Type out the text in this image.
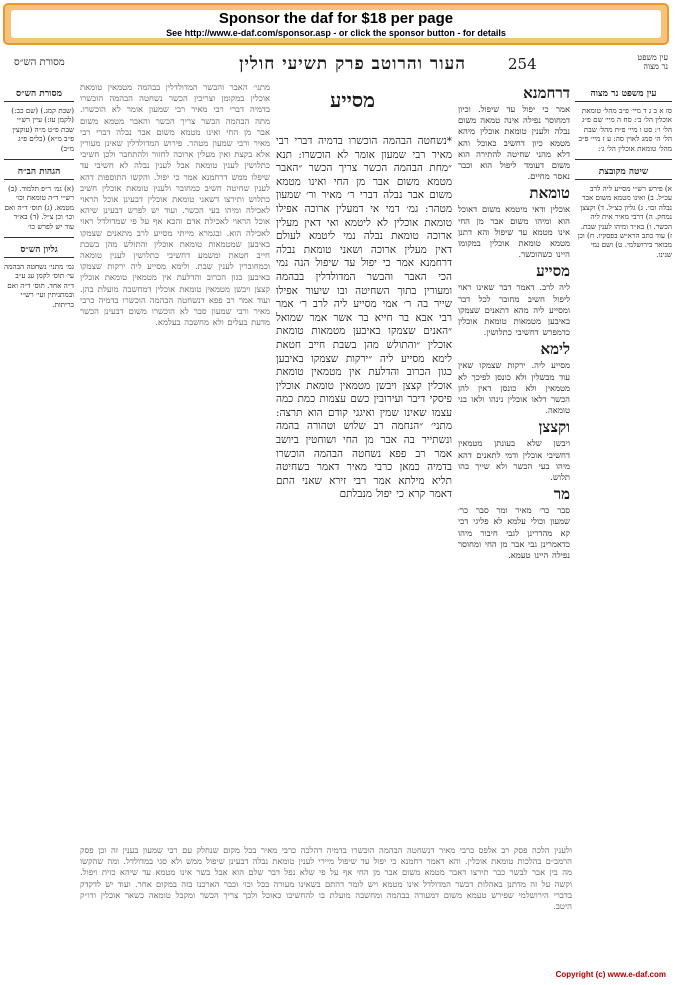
Sponsor the daf for $18 per page
See http://www.e-daf.com/sponsor.asp - or click the sponsor button - for details
מסורת הש״ס	254
העור והרוטב פרק תשיעי חולין	עין משפט
נר מצוה
מסורת הש״ס
(שבת קמג.) (שם כב:) (לקמן עז:) עיין רש״י שבת פ״ט מ״ה (עוקצין פ״ב מ״א) (כלים פ״ג מ״ב)
הגהות הב״ח
(א) גמ׳ ר״פ תלמוד. (ב) רש״י ד״ה טומאת וכו׳ מטמא. (ג) תוס׳ ד״ה ואם וכו׳ וכן צ״ל. (ד) בא״ד עוד יש לפרש כו׳
גליון הש״ס
גמ׳ מתני׳ נשחטה הבהמה עי׳ תוס׳ לקמן עג ע״ב ד״ה אחד. תוס׳ ד״ה ואם ובמתניתין ועי׳ רש״י כריתות.
מתני׳ האבר והבשר המדולדלין בבהמה מטמאין טומאת אוכלין במקומן וצריכין הכשר נשחטה הבהמה הוכשרו בדמיה דברי רבי מאיר רבי שמעון אומר לא הוכשרו. מתה הבהמה הבשר צריך הכשר והאבר מטמא משום אבר מן החי ואינו מטמא משום אבר נבלה דברי רבי מאיר ורבי שמעון מטהר. פירוש המדולדלין שאינן מעורין אלא בקצת ואין מעלין ארוכה לחזור ולהתחבר ולכן חשיבי כתלושין לענין טומאה אבל לענין נבלה לא חשיבי עד שיפלו ממש דרחמנא אמר כי יפול. והקשו התוספות דהא לענין שחיטה חשיב כמחובר ולענין טומאת אוכלין חשיב כתלוש ותירצו דשאני טומאת אוכלין דבעינן אוכל הראוי לאכילה ומיהו בעי הכשר. ועוד יש לפרש דבעינן שיהא אוכל הראוי לאכילת אדם והכא אף על פי שמדולדל ראוי לאכילה הוא. ובגמרא מייתי מסייע לרב מתאנים שצמקו באיבען שמטמאות טומאת אוכלין והתולש מהן בשבת חייב חטאת ומשמע דחשיבי כתלושין לענין טומאה וכמחוברין לענין שבת. ולימא מסייע ליה ירקות שצמקו באיבען כגון הכרוב והדלעת אין מטמאין טומאת אוכלין קצצן ויבשן מטמאין טומאת אוכלין דמחשבה מועלת בהן. ועוד אמר רב פפא דנשחטה הבהמה הוכשרו בדמיה כרבי מאיר ורבי שמעון סבר לא הוכשרו משום דבעינן הכשר מדעת בעלים ולא מחשבה בעלמא.
מסייע
*נשחטה הבהמה הוכשרו בדמיה דברי רבי מאיר רבי שמעון אומר לא הוכשרו: תנא ״מחת הבהמה הכשר צריך הכשר ״האבר מטמא משום אבר מן החי ואינו מטמא משום אבר נבלה דברי ר׳ מאיר ור׳ שמעון מטהר: גמ׳ דמי אי דמעלין ארוכה אפילו טומאת אוכלין לא ליטמא ואי דאין מעלין ארוכה טומאת נבלה נמי ליטמא לעולם דאין מעלין ארוכה ושאני טומאת נבלה דרחמנא אמר כי יפול עד שיפול הנה נמי הכי האבר והבשר המדולדלין בבהמה ומעורין בתוך השחיטה ובו שיעור אפילו שייר בה ר׳ אמי מסייע ליה לרב ר׳ אמר רבי אבא בר חייא בר אשר אמר שמואל ״האנים שצמקו באיבען מטמאות טומאת אוכלין ״והתולש מהן בשבת חייב חטאת לימא מסייע ליה ״ירקות שצמקו באיבען כגון הכרוב והדלעת אין מטמאין טומאת אוכלין קצצן ויבשן מטמאין טומאת אוכלין פיסקי דיבר ועירובין כשם עצמות כמת כמה עצמו שאינו שמין ואיגגי קודם הוא תרצה: מתני׳ ״הנחמה רב שלוש וטהורה בהמה ונשתייר בה אבר מן החי ושוחטין ביושב אמר רב פפא נשחטה הבהמה הוכשרו בדמיה כמאן כרבי מאיר דאמר בשחיטה תליא מילתא אמר רבי זירא שאני התם דאמר קרא כי יפול מנבלתם
דרחמנא
אמר כי יפול עד שיפול. וכיון דמחוסר נפילה אינה טמאה משום נבלה ולענין טומאת אוכלין מיהא מטמא כיון דחשיב כאוכל והא דלא מהני שחיטה להתירה הוא משום דעומד ליפול הוא וכבר נאסר מחיים.
טומאת
אוכלין ודאי מיטמא משום דאוכל הוא ומיהו משום אבר מן החי אינו מטמא עד שיפול והא דתנן מטמא טומאת אוכלין במקומו היינו כשהוכשר.
מסייע
ליה לרב. דאמר דבר שאינו ראוי ליפול חשיב מחובר לכל דבר ומסייע ליה מהא דתאנים שצמקו באיבען מטמאות טומאת אוכלין כדמפרש דחשיבי כתלושין.
לימא
מסייע ליה. ירקות שצמקו שאין עוד מבשלין ולא כונסן לפיכך לא מטמאין ולא כונסן דאין להן הכשר דלאו אוכלין נינהו ולאו בני טומאה.
וקצצן
ויבשן שלא בעונתן מטמאין דחשיבי אוכלין ודמי לתאנים דהא מיהו בעי הכשר ולא שייך בהו תלוש.
מר
סבר כר׳ מאיר ומר סבר כר׳ שמעון וכולי עלמא לא פליגי דכי קא מהדרינן לגבי חיבור מיהו כדאמרינן גבי אבר מן החי ומחוסר נפילה היינו טעמא.
עין משפט נר מצוה
סז א ב ג ד מיי׳ פ״ב מהל׳ טומאת אוכלין הל׳ ב׳: סח ה מיי׳ שם פ״ג הל׳ ו׳: סט ו מיי׳ פ״ח מהל׳ שבת הל׳ ה׳ סמג לאוין סה: ע ז מיי׳ פ״ב מהל׳ טומאת אוכלין הל׳ ג׳:
שיטה מקובצת
א) פירש רש״י מסייע ליה לרב עכ״ל. ב) ואינו מטמא משום אבר נבלה וכו׳. ג) גליון כצ״ל. ד) וקצצן נמחק. ה) דרבי מאיר אית ליה הכשר. ו) בא״ד ומיהו לענין שבת. ז) עוד כתב הרא״ש בפסקיו. ח) וכן מבואר בירושלמי. ט) ושם נמי שנינו.
ולענין הלכה פסק רב אלפס כרבי מאיר דנשחטה הבהמה הוכשרו בדמיה דהלכה כרבי מאיר בכל מקום שנחלק עם רבי שמעון בענין זה וכן פסק הרמב״ם בהלכות טומאת אוכלין. והא דאמר רחמנא כי יפול עד שיפול מיירי לענין טומאת נבלה דבעינן שיפול ממש ולא סגי במדולדל. ומה שהקשו מה בין אבר לבשר כבר תירצו דאבר מטמא משום אבר מן החי אף על פי שלא נפל דבר שלם הוא אבל בשר אינו מטמא עד שיהא כזית ויפול. וקשה על זה מדתנן באהלות דבשר המדולדל אינו מטמא ויש לומר דהתם בשאינו מעורה בכל וכו׳ וכבר הארכנו בזה במקום אחר. ועוד יש לדקדק בדברי הירושלמי שפירש טעמא משום דמעורה בבהמה ומחשבה מועלת בו להחשיבו כאוכל ולכך צריך הכשר ומקבל טומאה כשאר אוכלין ודו״ק היטב.
Copyright (c) www.e-daf.com
